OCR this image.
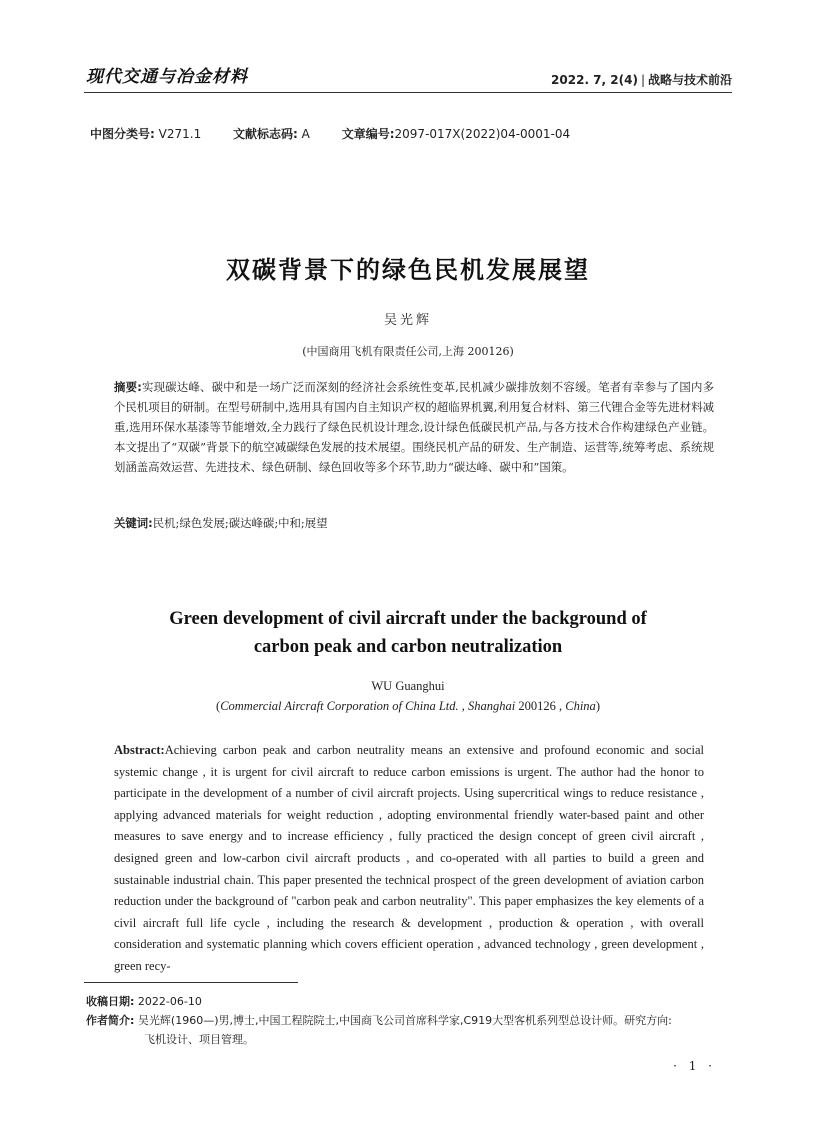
现代交通与冶金材料	2022. 7, 2(4) | 战略与技术前沿
中图分类号: V271.1	文献标志码: A	文章编号:2097-017X(2022)04-0001-04
双碳背景下的绿色民机发展展望
吴光辉
(中国商用飞机有限责任公司,上海 200126)
摘要:实现碳达峰、碳中和是一场广泛而深刻的经济社会系统性变革,民机减少碳排放刻不容缓。笔者有幸参与了国内多个民机项目的研制。在型号研制中,选用具有国内自主知识产权的超临界机翼,利用复合材料、第三代锂合金等先进材料减重,选用环保水基漆等节能增效,全力践行了绿色民机设计理念,设计绿色低碳民机产品,与各方技术合作构建绿色产业链。本文提出了“双碳”背景下的航空减碳绿色发展的技术展望。围绕民机产品的研发、生产制造、运营等,统筹考虑、系统规划涵盖高效运营、先进技术、绿色研制、绿色回收等多个环节,助力“碳达峰、碳中和”国策。
关键词:民机;绿色发展;碳达峰碳;中和;展望
Green development of civil aircraft under the background of
carbon peak and carbon neutralization
WU Guanghui
(Commercial Aircraft Corporation of China Ltd. , Shanghai 200126 , China)
Abstract:Achieving carbon peak and carbon neutrality means an extensive and profound economic and social systemic change , it is urgent for civil aircraft to reduce carbon emissions is urgent. The author had the honor to participate in the development of a number of civil aircraft projects. Using supercritical wings to reduce resistance , applying advanced materials for weight reduction , adopting environmental friendly water-based paint and other measures to save energy and to increase efficiency , fully practiced the design concept of green civil aircraft , designed green and low-carbon civil aircraft products , and co-operated with all parties to build a green and sustainable industrial chain. This paper presented the technical prospect of the green development of aviation carbon reduction under the background of "carbon peak and carbon neutrality". This paper emphasizes the key elements of a civil aircraft full life cycle , including the research & development , production & operation , with overall consideration and systematic planning which covers efficient operation , advanced technology , green development , green recy-
收稿日期: 2022-06-10
作者简介: 吴光辉(1960—)男,博士,中国工程院院士,中国商飞公司首席科学家,C919大型客机系列型总设计师。研究方向:
飞机设计、项目管理。
· 1 ·
